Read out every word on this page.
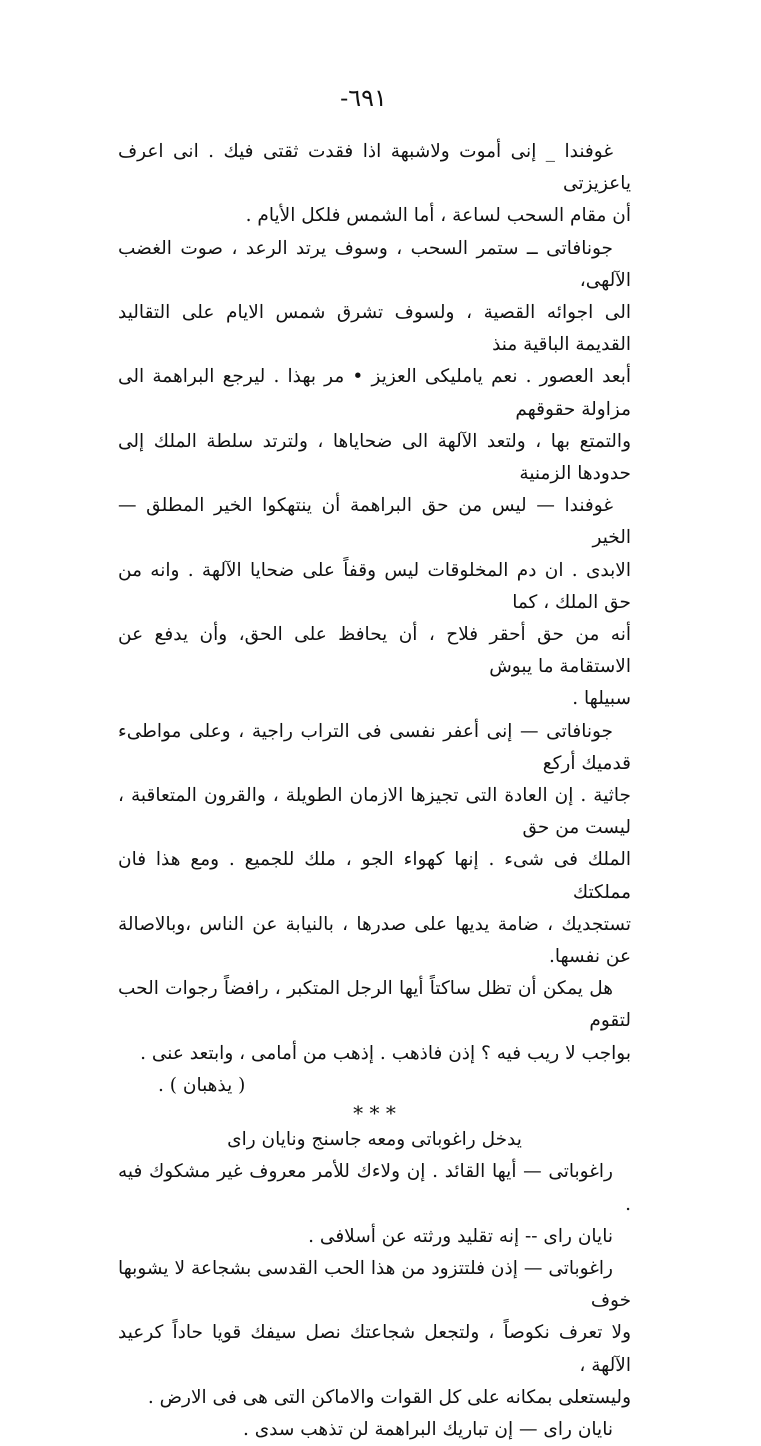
٦٩١-

غوفندا _ إنى أموت ولاشبهة اذا فقدت ثقتى فيك . انى اعرف ياعزيزتى

أن مقام السحب لساعة ، أما الشمس فلكل الأيام .

جونافاتى ــ ستمر السحب ، وسوف يرتد الرعد ، صوت الغضب الآلهى،

الى اجوائه القصية ، ولسوف تشرق شمس الايام على التقاليد القديمة الباقية منذ

أبعد العصور . نعم ياملیکی العزیز • مر بهذا . ليرجع البراهمة الى مزاولة حقوقهم

والتمتع بها ، ولتعد الآلهة الى ضحاياها ، ولترتد سلطة الملك إلى حدودها الزمنية

غوفندا — ليس من حق البراهمة أن ينتهكوا الخير المطلق — الخير

الابدى . ان دم المخلوقات ليس وقفاً على ضحايا الآلهة . وانه من حق الملك ، كما

أنه من حق أحقر فلاح ، أن يحافظ على الحق، وأن يدفع عن الاستقامة ما يبوش

سبيلها .

جونافاتى — إنى أعفر نفسى فى التراب راجية ، وعلى مواطىء قدميك أركع

جاثية . إن العادة التى تجيزها الازمان الطويلة ، والقرون المتعاقبة ، ليست من حق

الملك فى شىء . إنها كهواء الجو ، ملك للجميع . ومع هذا فان مملكتك

تستجديك ، ضامة يديها على صدرها ، بالنيابة عن الناس ،وبالاصالة عن نفسها.

هل يمكن أن تظل ساكتاً أيها الرجل المتكبر ، رافضاً رجوات الحب لتقوم

بواجب لا ريب فيه ؟ إذن فاذهب . إذهب من أمامى ، وابتعد عنى .

( يذهبان ) .

* * *

يدخل راغوباتى ومعه جاسنج ونايان راى

راغوباتى — أيها القائد . إن ولاءك للأمر معروف غير مشكوك فيه .

نايان راى -- إنه تقليد ورثته عن أسلافى .

راغوباتى — إذن فلتتزود من هذا الحب القدسى بشجاعة لا يشوبها خوف

ولا تعرف نكوصاً ، ولتجعل شجاعتك نصل سيفك قويا حاداً كرعيد الآلهة ،

وليستعلى بمكانه على كل القوات والاماكن التى هى فى الارض .

نايان راى — إن تباريك البراهمة لن تذهب سدى .
